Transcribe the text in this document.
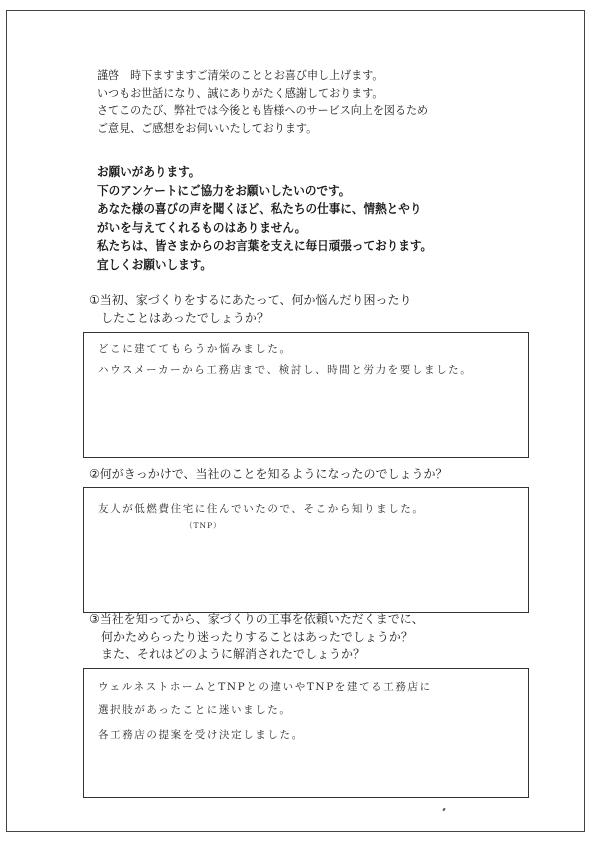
謹啓　時下ますますご清栄のこととお喜び申し上げます。
いつもお世話になり、誠にありがたく感謝しております。
さてこのたび、弊社では今後とも皆様へのサービス向上を図るため
ご意見、ご感想をお伺いいたしております。
お願いがあります。
下のアンケートにご協力をお願いしたいのです。
あなた様の喜びの声を聞くほど、私たちの仕事に、情熱とやり
がいを与えてくれるものはありません。
私たちは、皆さまからのお言葉を支えに毎日頑張っております。
宜しくお願いします。
①当初、家づくりをするにあたって、何か悩んだり困ったり
　したことはあったでしょうか？
どこに建ててもらうか悩みました。
ハウスメーカーから工務店まで、検討し、時間と労力を要しました。
②何がきっかけで、当社のことを知るようになったのでしょうか？
友人が低燃費住宅に住んでいたので、そこから知りました。
（TNP）
③当社を知ってから、家づくりの工事を依頼いただくまでに、
　何かためらったり迷ったりすることはあったでしょうか？
　また、それはどのように解消されたでしょうか？
ウェルネストホームとTNPとの違いやTNPを建てる工務店に
選択肢があったことに迷いました。
各工務店の提案を受け決定しました。
